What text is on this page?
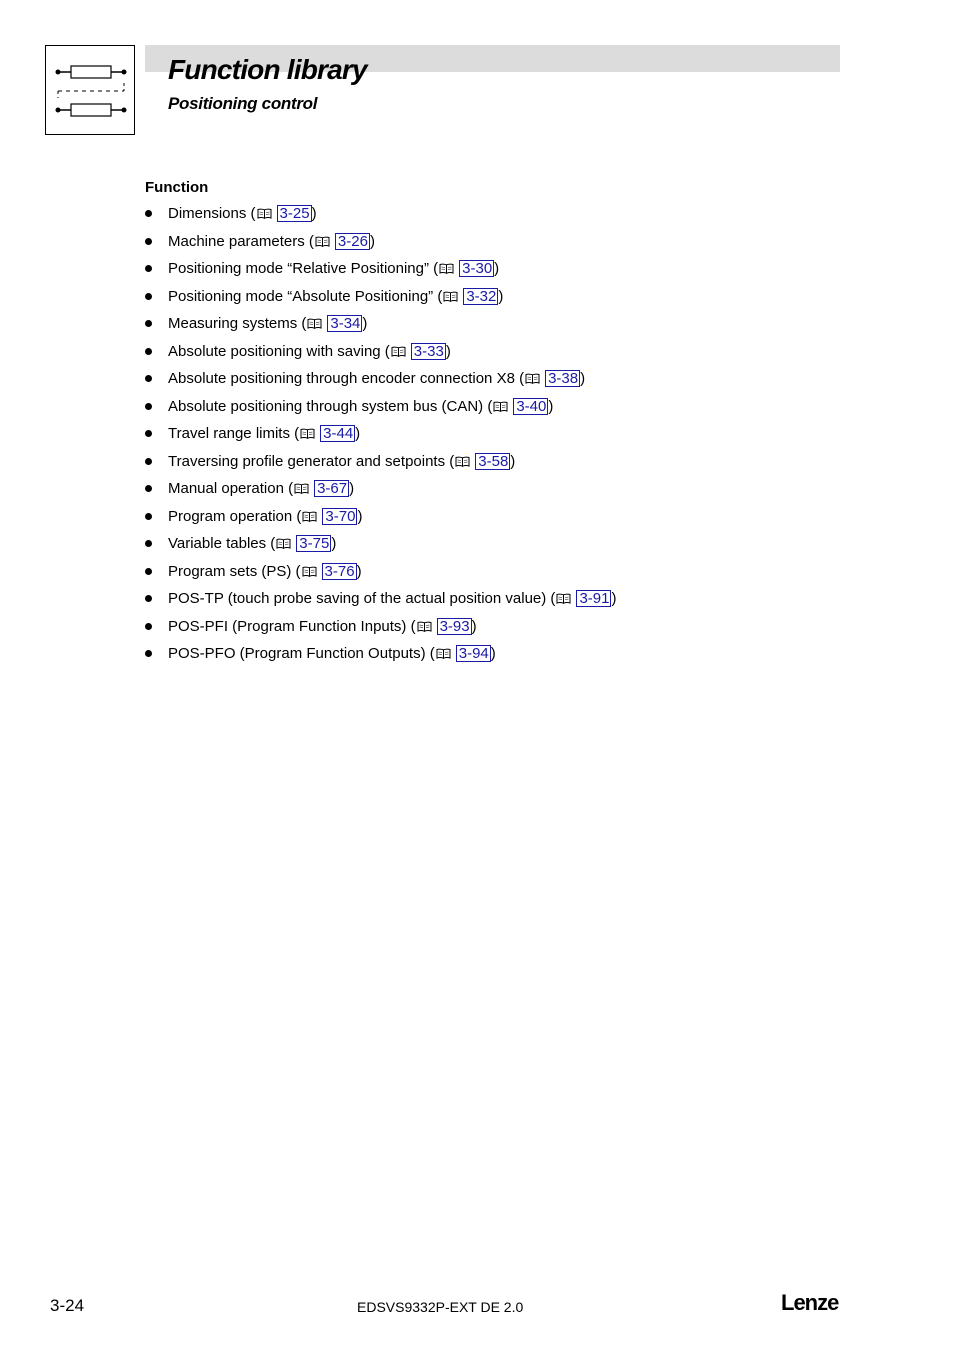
Function library
Positioning control
Function
Dimensions ( 3-25 )
Machine parameters ( 3-26 )
Positioning mode “Relative Positioning” ( 3-30 )
Positioning mode “Absolute Positioning” ( 3-32 )
Measuring systems ( 3-34 )
Absolute positioning with saving ( 3-33 )
Absolute positioning through encoder connection X8 ( 3-38 )
Absolute positioning through system bus (CAN) ( 3-40 )
Travel range limits ( 3-44 )
Traversing profile generator and setpoints ( 3-58 )
Manual operation ( 3-67 )
Program operation ( 3-70 )
Variable tables ( 3-75 )
Program sets (PS) ( 3-76 )
POS-TP (touch probe saving of the actual position value) ( 3-91 )
POS-PFI (Program Function Inputs) ( 3-93 )
POS-PFO (Program Function Outputs) ( 3-94 )
3-24	EDSVS9332P-EXT DE 2.0	Lenze
